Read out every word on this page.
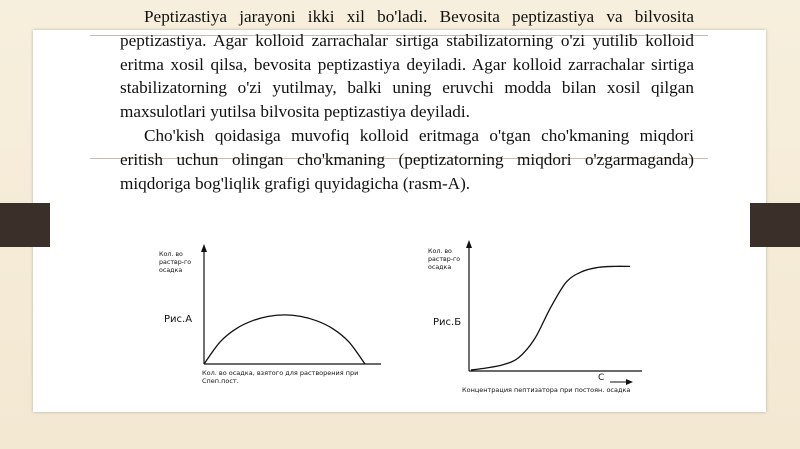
Peptizastiya jarayoni ikki xil bo'ladi. Bevosita peptizastiya va bilvosita peptizastiya. Agar kolloid zarrachalar sirtiga stabilizatorning o'zi yutilib kolloid eritma xosil qilsa, bevosita peptizastiya deyiladi. Agar kolloid zarrachalar sirtiga stabilizatorning o'zi yutilmay, balki uning eruvchi modda bilan xosil qilgan maxsulotlari yutilsa bilvosita peptizastiya deyiladi.

Cho'kish qoidasiga muvofiq kolloid eritmaga o'tgan cho'kmaning miqdori eritish uchun olingan cho'kmaning (peptizatorning miqdori o'zgarmaganda) miqdoriga bog'liqlik grafigi quyidagicha (rasm-A).

Кол. во
раствр-го
осадка
Рис.А
Кол. во осадка, взятого для растворения при
Спеп.пост.
Кол. во
раствр-го
осадка
Рис.Б
С
Концентрация пептизатора при постоян. осадка
